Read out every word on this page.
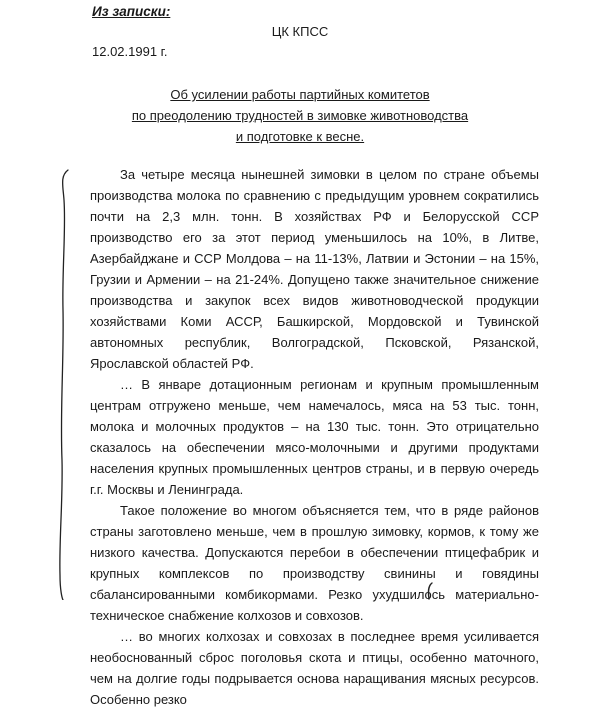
Из записки:
ЦК КПСС
12.02.1991 г.
Об усилении работы партийных комитетов
по преодолению трудностей в зимовке животноводства
и подготовке к весне.

За четыре месяца нынешней зимовки в целом по стране объемы производства молока по сравнению с предыдущим уровнем сократились почти на 2,3 млн. тонн. В хозяйствах РФ и Белорусской ССР производство его за этот период уменьшилось на 10%, в Литве, Азербайджане и ССР Молдова – на 11-13%, Латвии и Эстонии – на 15%, Грузии и Армении – на 21-24%. Допущено также значительное снижение производства и закупок всех видов животноводческой продукции хозяйствами Коми АССР, Башкирской, Мордовской и Тувинской автономных республик, Волгоградской, Псковской, Рязанской, Ярославской областей РФ.

… В январе дотационным регионам и крупным промышленным центрам отгружено меньше, чем намечалось, мяса на 53 тыс. тонн, молока и молочных продуктов – на 130 тыс. тонн. Это отрицательно сказалось на обеспечении мясо-молочными и другими продуктами населения крупных промышленных центров страны, и в первую очередь г.г. Москвы и Ленинграда.

Такое положение во многом объясняется тем, что в ряде районов страны заготовлено меньше, чем в прошлую зимовку, кормов, к тому же низкого качества. Допускаются перебои в обеспечении птицефабрик и крупных комплексов по производству свинины и говядины сбалансированными комбикормами. Резко ухудшилось материально-техническое снабжение колхозов и совхозов.

… во многих колхозах и совхозах в последнее время усиливается необоснованный сброс поголовья скота и птицы, особенно маточного, чем на долгие годы подрывается основа наращивания мясных ресурсов. Особенно резко
